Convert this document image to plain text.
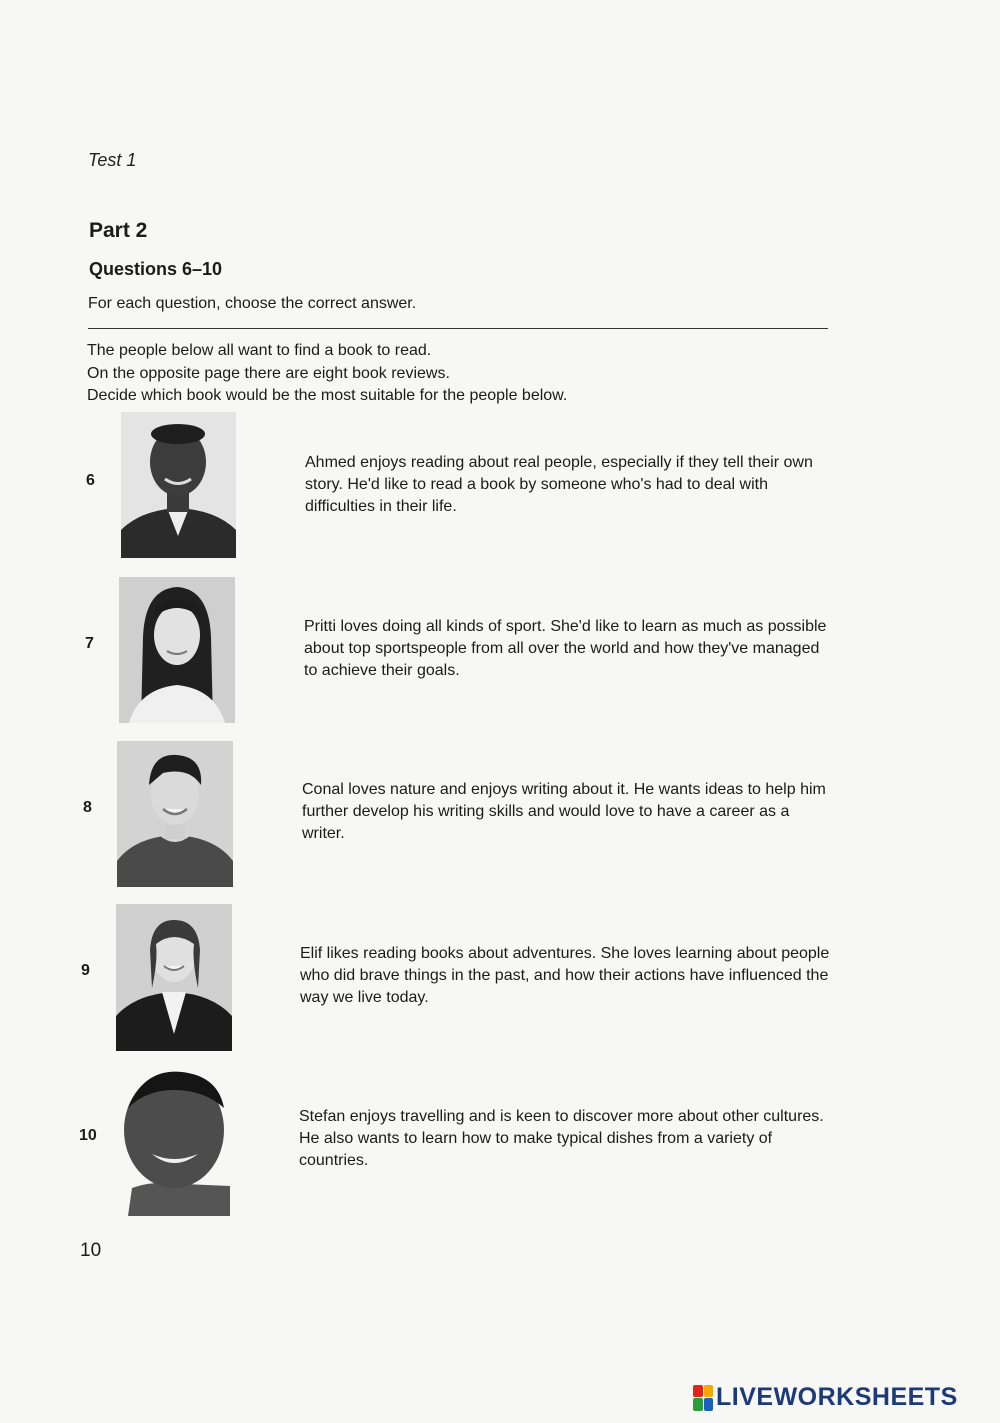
Test 1
Part 2
Questions 6–10
For each question, choose the correct answer.
The people below all want to find a book to read.
On the opposite page there are eight book reviews.
Decide which book would be the most suitable for the people below.
6
Ahmed enjoys reading about real people, especially if they tell their own story. He'd like to read a book by someone who's had to deal with difficulties in their life.
7
Pritti loves doing all kinds of sport. She'd like to learn as much as possible about top sportspeople from all over the world and how they've managed to achieve their goals.
8
Conal loves nature and enjoys writing about it. He wants ideas to help him further develop his writing skills and would love to have a career as a writer.
9
Elif likes reading books about adventures. She loves learning about people who did brave things in the past, and how their actions have influenced the way we live today.
10
Stefan enjoys travelling and is keen to discover more about other cultures. He also wants to learn how to make typical dishes from a variety of countries.
10
LIVEWORKSHEETS
